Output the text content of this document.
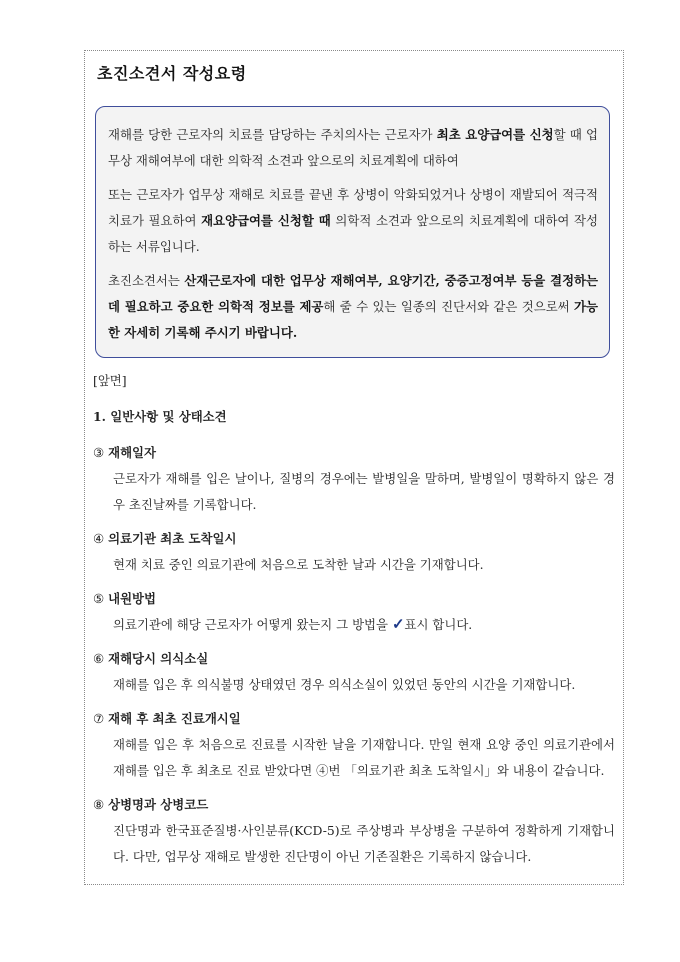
초진소견서 작성요령

재해를 당한 근로자의 치료를 담당하는 주치의사는 근로자가 최초 요양급여를 신청할 때 업무상 재해여부에 대한 의학적 소견과 앞으로의 치료계획에 대하여

또는 근로자가 업무상 재해로 치료를 끝낸 후 상병이 악화되었거나 상병이 재발되어 적극적 치료가 필요하여 재요양급여를 신청할 때 의학적 소견과 앞으로의 치료계획에 대하여 작성하는 서류입니다.

초진소견서는 산재근로자에 대한 업무상 재해여부, 요양기간, 중증고정여부 등을 결정하는데 필요하고 중요한 의학적 정보를 제공해 줄 수 있는 일종의 진단서와 같은 것으로써 가능한 자세히 기록해 주시기 바랍니다.

[앞면]

1. 일반사항 및 상태소견

③ 재해일자

근로자가 재해를 입은 날이나, 질병의 경우에는 발병일을 말하며, 발병일이 명확하지 않은 경우 초진날짜를 기록합니다.

④ 의료기관 최초 도착일시

현재 치료 중인 의료기관에 처음으로 도착한 날과 시간을 기재합니다.

⑤ 내원방법

의료기관에 해당 근로자가 어떻게 왔는지 그 방법을 ✓표시 합니다.

⑥ 재해당시 의식소실

재해를 입은 후 의식불명 상태였던 경우 의식소실이 있었던 동안의 시간을 기재합니다.

⑦ 재해 후 최초 진료개시일

재해를 입은 후 처음으로 진료를 시작한 날을 기재합니다. 만일 현재 요양 중인 의료기관에서 재해를 입은 후 최초로 진료 받았다면 ④번 「의료기관 최초 도착일시」와 내용이 같습니다.

⑧ 상병명과 상병코드

진단명과 한국표준질병·사인분류(KCD-5)로 주상병과 부상병을 구분하여 정확하게 기재합니다. 다만, 업무상 재해로 발생한 진단명이 아닌 기존질환은 기록하지 않습니다.
